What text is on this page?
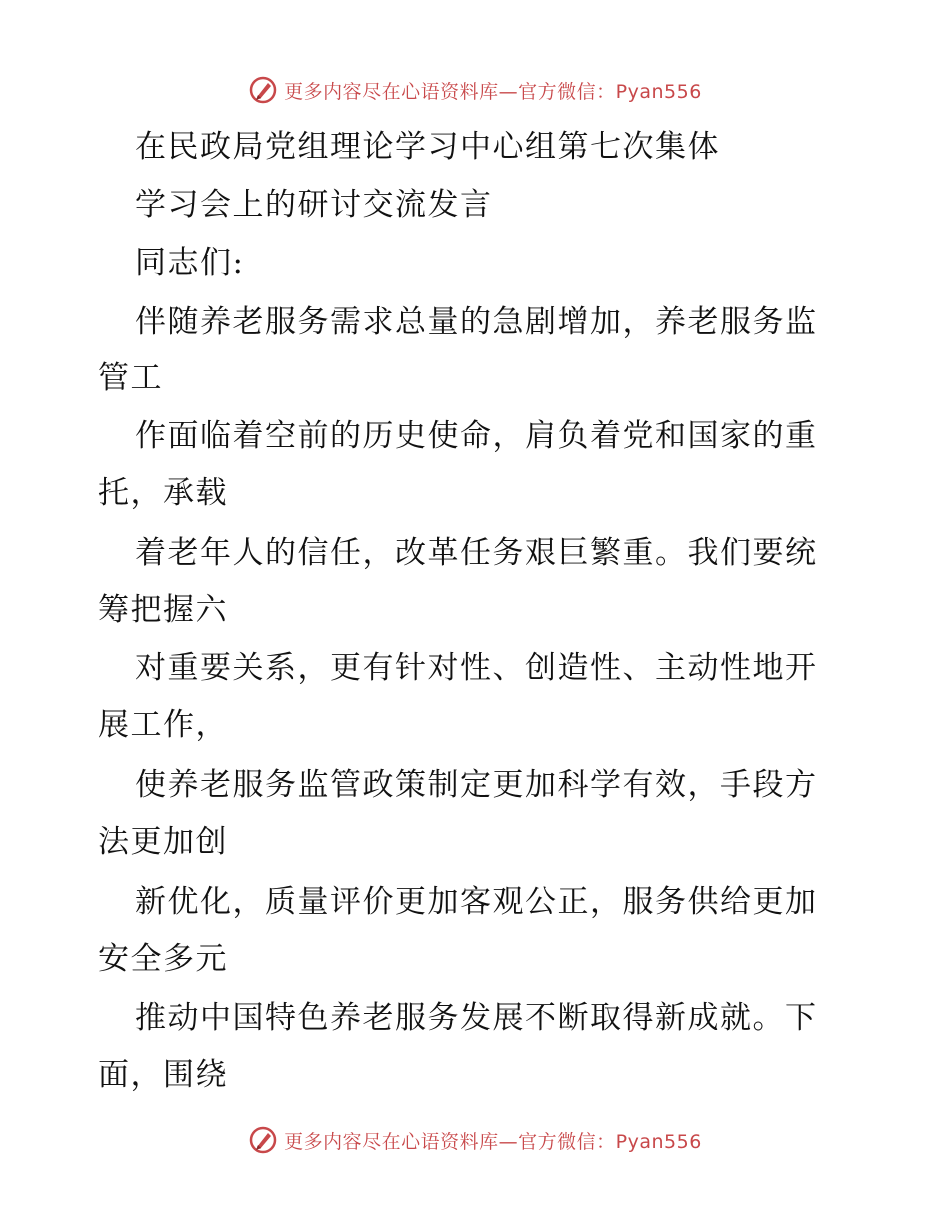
更多内容尽在心语资料库—官方微信：Pyan556
在民政局党组理论学习中心组第七次集体
学习会上的研讨交流发言
同志们:
伴随养老服务需求总量的急剧增加，养老服务监
管工
作面临着空前的历史使命，肩负着党和国家的重
托，承载
着老年人的信任，改革任务艰巨繁重。我们要统
筹把握六
对重要关系，更有针对性、创造性、主动性地开
展工作，
使养老服务监管政策制定更加科学有效，手段方
法更加创
新优化，质量评价更加客观公正，服务供给更加
安全多元
推动中国特色养老服务发展不断取得新成就。下
面，围绕
更多内容尽在心语资料库—官方微信：Pyan556
